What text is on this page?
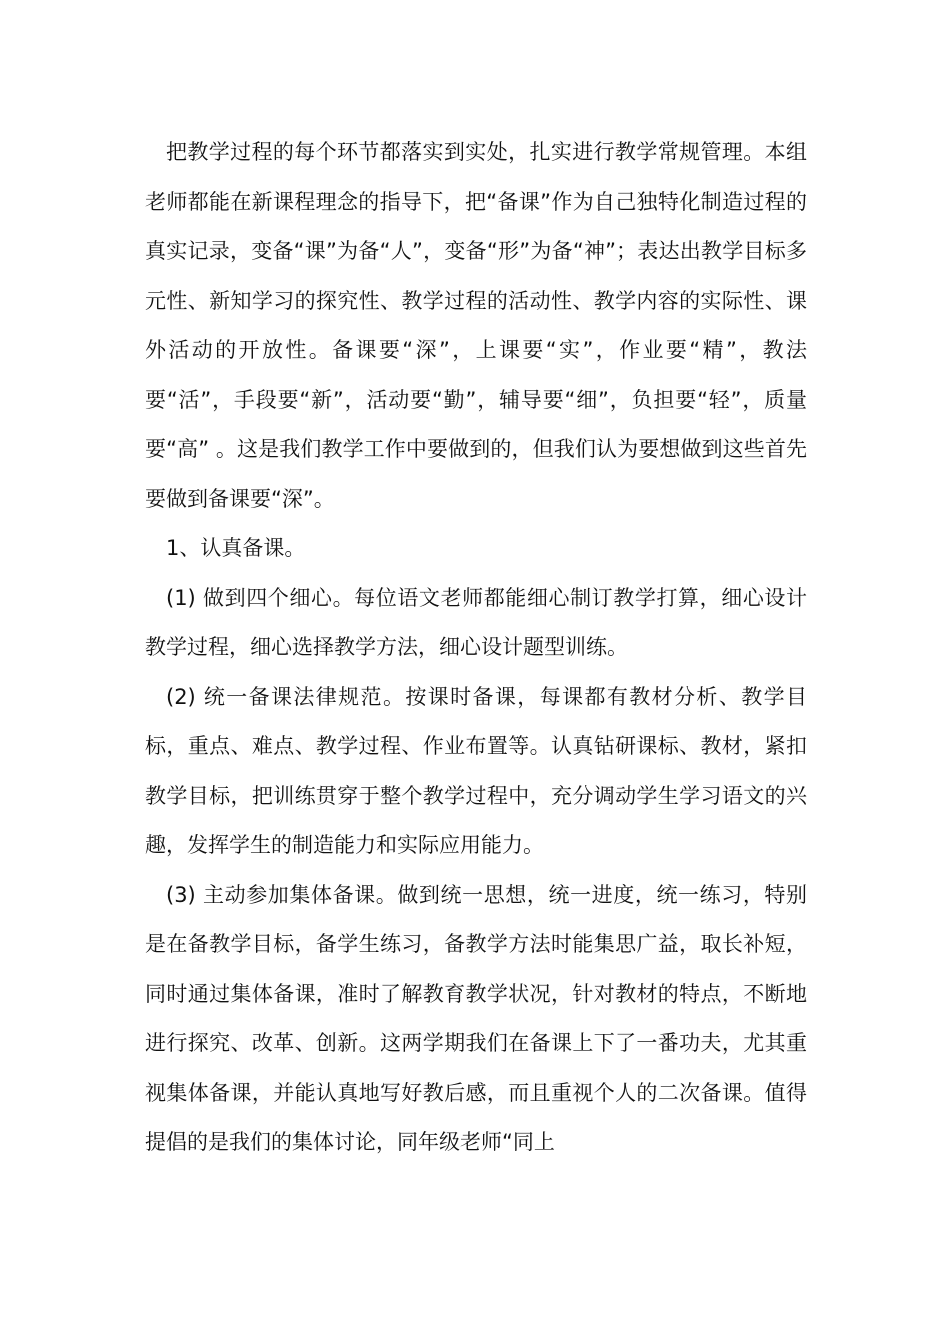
把教学过程的每个环节都落实到实处，扎实进行教学常规管理。本组老师都能在新课程理念的指导下，把“备课”作为自己独特化制造过程的真实记录，变备“课”为备“人”，变备“形”为备“神”；表达出教学目标多元性、新知学习的探究性、教学过程的活动性、教学内容的实际性、课外活动的开放性。备课要“深”，上课要“实”，作业要“精”，教法要“活”，手段要“新”，活动要“勤”，辅导要“细”，负担要“轻”，质量要“高” 。这是我们教学工作中要做到的，但我们认为要想做到这些首先要做到备课要“深”。

1、认真备课。

(1) 做到四个细心。每位语文老师都能细心制订教学打算，细心设计教学过程，细心选择教学方法，细心设计题型训练。

(2) 统一备课法律规范。按课时备课，每课都有教材分析、教学目标，重点、难点、教学过程、作业布置等。认真钻研课标、教材，紧扣教学目标，把训练贯穿于整个教学过程中，充分调动学生学习语文的兴趣，发挥学生的制造能力和实际应用能力。

(3) 主动参加集体备课。做到统一思想，统一进度，统一练习，特别是在备教学目标，备学生练习，备教学方法时能集思广益，取长补短，同时通过集体备课，准时了解教育教学状况，针对教材的特点，不断地进行探究、改革、创新。这两学期我们在备课上下了一番功夫，尤其重视集体备课，并能认真地写好教后感，而且重视个人的二次备课。值得提倡的是我们的集体讨论，同年级老师“同上
